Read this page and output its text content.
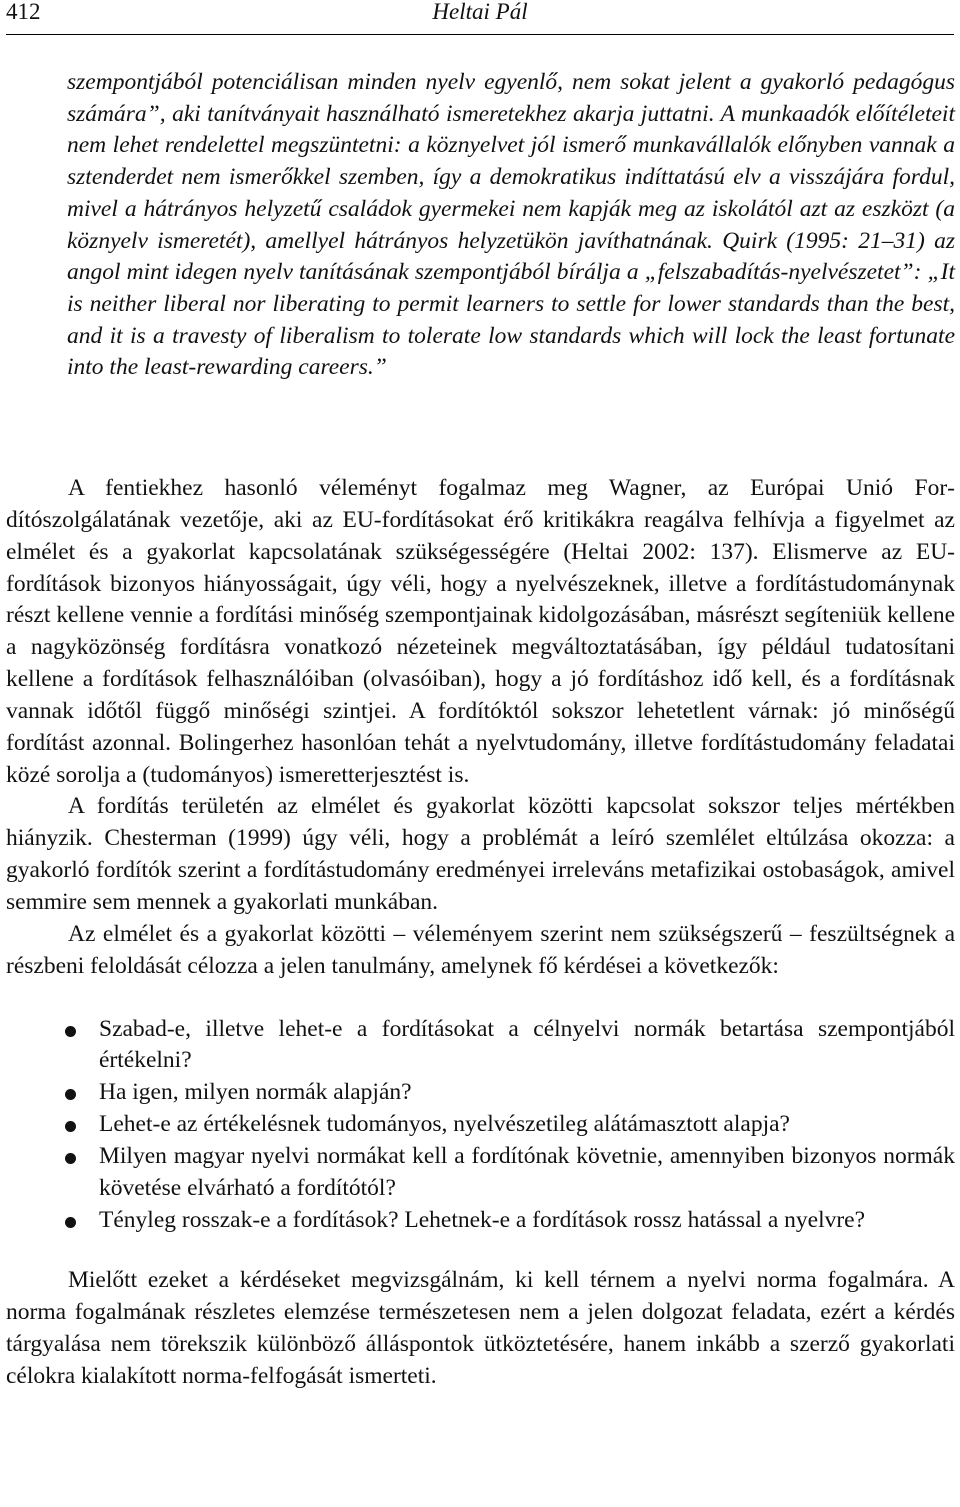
412	Heltai Pál

szempontjából potenciálisan minden nyelv egyenlő, nem sokat jelent a gyakorló pedagógus számára”, aki tanítványait használható ismeretekhez akarja juttatni. A munkaadók előítéleteit nem lehet rendelettel megszüntetni: a köznyelvet jól ismerő munkavállalók előnyben vannak a sztenderdet nem ismerőkkel szemben, így a demokratikus indíttatású elv a visszájára fordul, mivel a hátrányos helyzetű családok gyermekei nem kapják meg az iskolától azt az eszközt (a köznyelv ismeretét), amellyel hátrányos helyzetükön javíthatnának. Quirk (1995: 21–31) az angol mint idegen nyelv tanításának szempontjából bírálja a „felszabadítás-nyelvészetet”: „It is neither liberal nor liberating to permit learners to settle for lower standards than the best, and it is a travesty of liberalism to tolerate low standards which will lock the least fortunate into the least-rewarding careers.”

A fentiekhez hasonló véleményt fogalmaz meg Wagner, az Európai Unió Fordítószolgálatának vezetője, aki az EU-fordításokat érő kritikákra reagálva felhívja a figyelmet az elmélet és a gyakorlat kapcsolatának szükségességére (Heltai 2002: 137). Elismerve az EU-fordítások bizonyos hiányosságait, úgy véli, hogy a nyelvészeknek, illetve a fordítástudománynak részt kellene vennie a fordítási minőség szempontjainak kidolgozásában, másrészt segíteniük kellene a nagyközönség fordításra vonatkozó nézeteinek megváltoztatásában, így például tudatosítani kellene a fordítások felhasználóiban (olvasóiban), hogy a jó fordításhoz idő kell, és a fordításnak vannak időtől függő minőségi szintjei. A fordítóktól sokszor lehetetlent várnak: jó minőségű fordítást azonnal. Bolingerhez hasonlóan tehát a nyelvtudomány, illetve fordítástudomány feladatai közé sorolja a (tudományos) ismeretterjesztést is.

A fordítás területén az elmélet és gyakorlat közötti kapcsolat sokszor teljes mértékben hiányzik. Chesterman (1999) úgy véli, hogy a problémát a leíró szemlélet eltúlzása okozza: a gyakorló fordítók szerint a fordítástudomány eredményei irreleváns metafizikai ostobaságok, amivel semmire sem mennek a gyakorlati munkában.

Az elmélet és a gyakorlat közötti – véleményem szerint nem szükségszerű – feszültségnek a részbeni feloldását célozza a jelen tanulmány, amelynek fő kérdései a következők:

Szabad-e, illetve lehet-e a fordításokat a célnyelvi normák betartása szempontjából értékelni?
Ha igen, milyen normák alapján?
Lehet-e az értékelésnek tudományos, nyelvészetileg alátámasztott alapja?
Milyen magyar nyelvi normákat kell a fordítónak követnie, amennyiben bizonyos normák követése elvárható a fordítótól?
Tényleg rosszak-e a fordítások? Lehetnek-e a fordítások rossz hatással a nyelvre?

Mielőtt ezeket a kérdéseket megvizsgálnám, ki kell térnem a nyelvi norma fogalmára. A norma fogalmának részletes elemzése természetesen nem a jelen dolgozat feladata, ezért a kérdés tárgyalása nem törekszik különböző álláspontok ütköztetésére, hanem inkább a szerző gyakorlati célokra kialakított norma-felfogását ismerteti.
